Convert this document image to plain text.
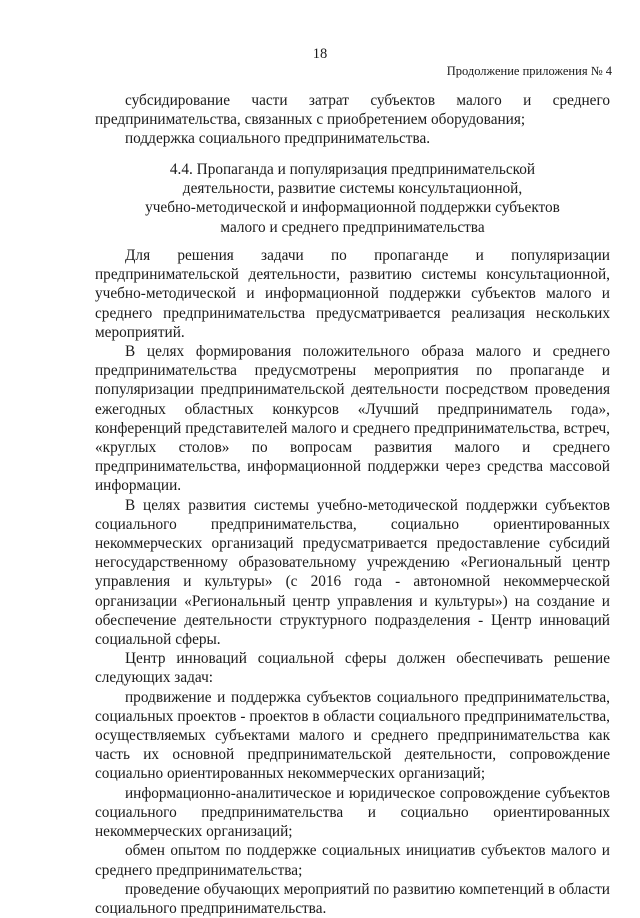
18
Продолжение приложения № 4

субсидирование части затрат субъектов малого и среднего предпринимательства, связанных с приобретением оборудования;

поддержка социального предпринимательства.

4.4. Пропаганда и популяризация предпринимательской
деятельности, развитие системы консультационной,
учебно-методической и информационной поддержки субъектов
малого и среднего предпринимательства

Для решения задачи по пропаганде и популяризации предпринимательской деятельности, развитию системы консультационной, учебно-методической и информационной поддержки субъектов малого и среднего предпринимательства предусматривается реализация нескольких мероприятий.

В целях формирования положительного образа малого и среднего предпринимательства предусмотрены мероприятия по пропаганде и популяризации предпринимательской деятельности посредством проведения ежегодных областных конкурсов «Лучший предприниматель года», конференций представителей малого и среднего предпринимательства, встреч, «круглых столов» по вопросам развития малого и среднего предпринимательства, информационной поддержки через средства массовой информации.

В целях развития системы учебно-методической поддержки субъектов социального предпринимательства, социально ориентированных некоммерческих организаций предусматривается предоставление субсидий негосударственному образовательному учреждению «Региональный центр управления и культуры» (с 2016 года - автономной некоммерческой организации «Региональный центр управления и культуры») на создание и обеспечение деятельности структурного подразделения - Центр инноваций социальной сферы.

Центр инноваций социальной сферы должен обеспечивать решение следующих задач:

продвижение и поддержка субъектов социального предпринимательства, социальных проектов - проектов в области социального предпринимательства, осуществляемых субъектами малого и среднего предпринимательства как часть их основной предпринимательской деятельности, сопровождение социально ориентированных некоммерческих организаций;

информационно-аналитическое и юридическое сопровождение субъектов социального предпринимательства и социально ориентированных некоммерческих организаций;

обмен опытом по поддержке социальных инициатив субъектов малого и среднего предпринимательства;

проведение обучающих мероприятий по развитию компетенций в области социального предпринимательства.
